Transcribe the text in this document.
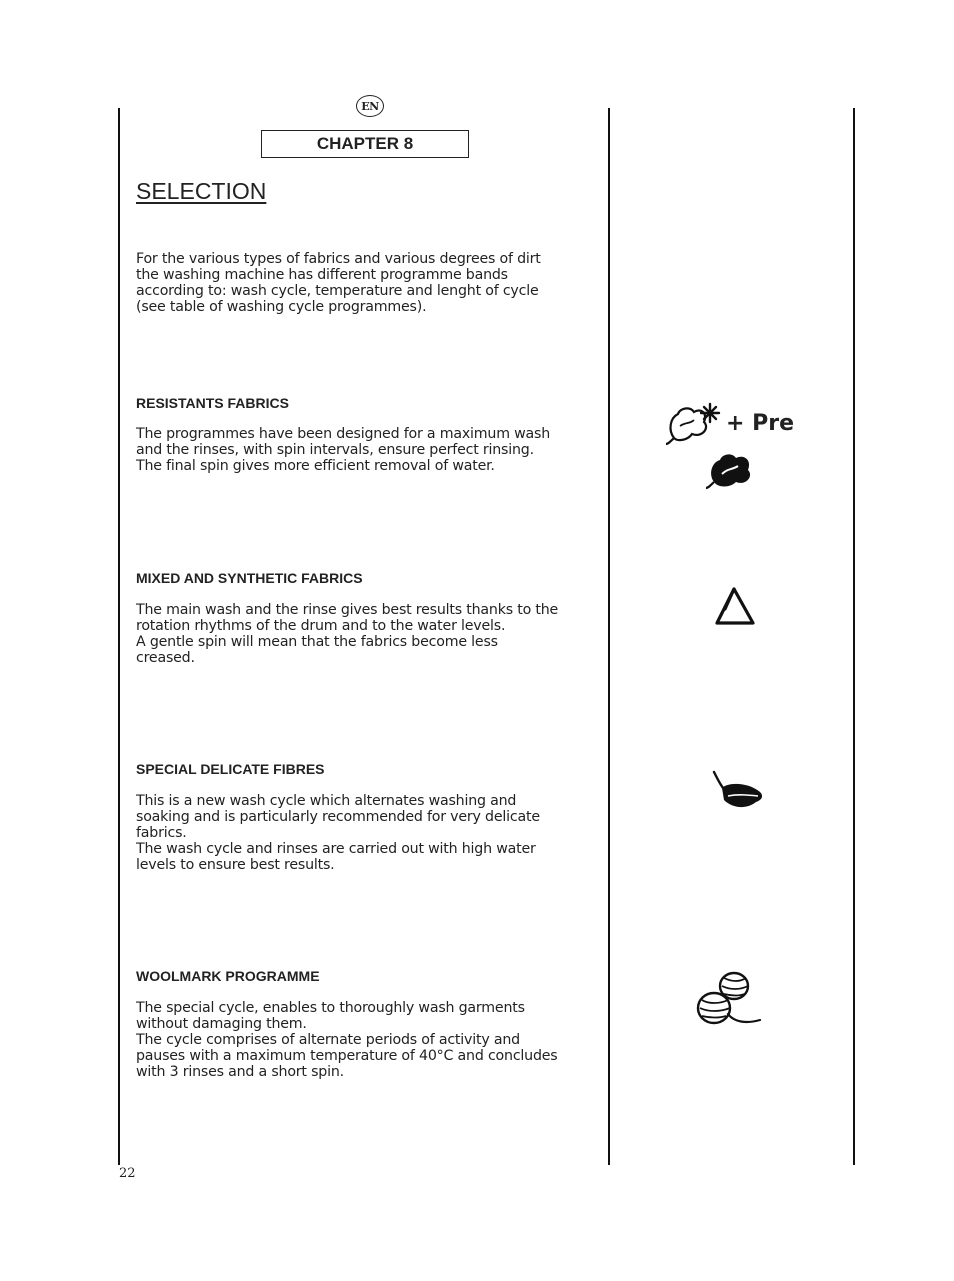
EN
CHAPTER 8
SELECTION

For the various types of fabrics and various degrees of dirt
the washing machine has different programme bands
according to: wash cycle, temperature and lenght of cycle
(see table of washing cycle programmes).

RESISTANTS FABRICS

The programmes have been designed for a maximum wash
and the rinses, with spin intervals, ensure perfect rinsing.
The final spin gives more efficient removal of water.

MIXED AND SYNTHETIC FABRICS

The main wash and the rinse gives best results thanks to the
rotation rhythms of the drum and to the water levels.
A gentle spin will mean that the fabrics become less
creased.

SPECIAL DELICATE FIBRES

This is a new wash cycle which alternates washing and
soaking and is particularly recommended for very delicate
fabrics.
The wash cycle and rinses are carried out with high water
levels to ensure best results.

WOOLMARK PROGRAMME

The special cycle, enables to thoroughly wash garments
without damaging them.
The cycle comprises of alternate periods of activity and
pauses with a maximum temperature of 40°C and concludes
with 3 rinses and a short spin.

+ Pre
22
